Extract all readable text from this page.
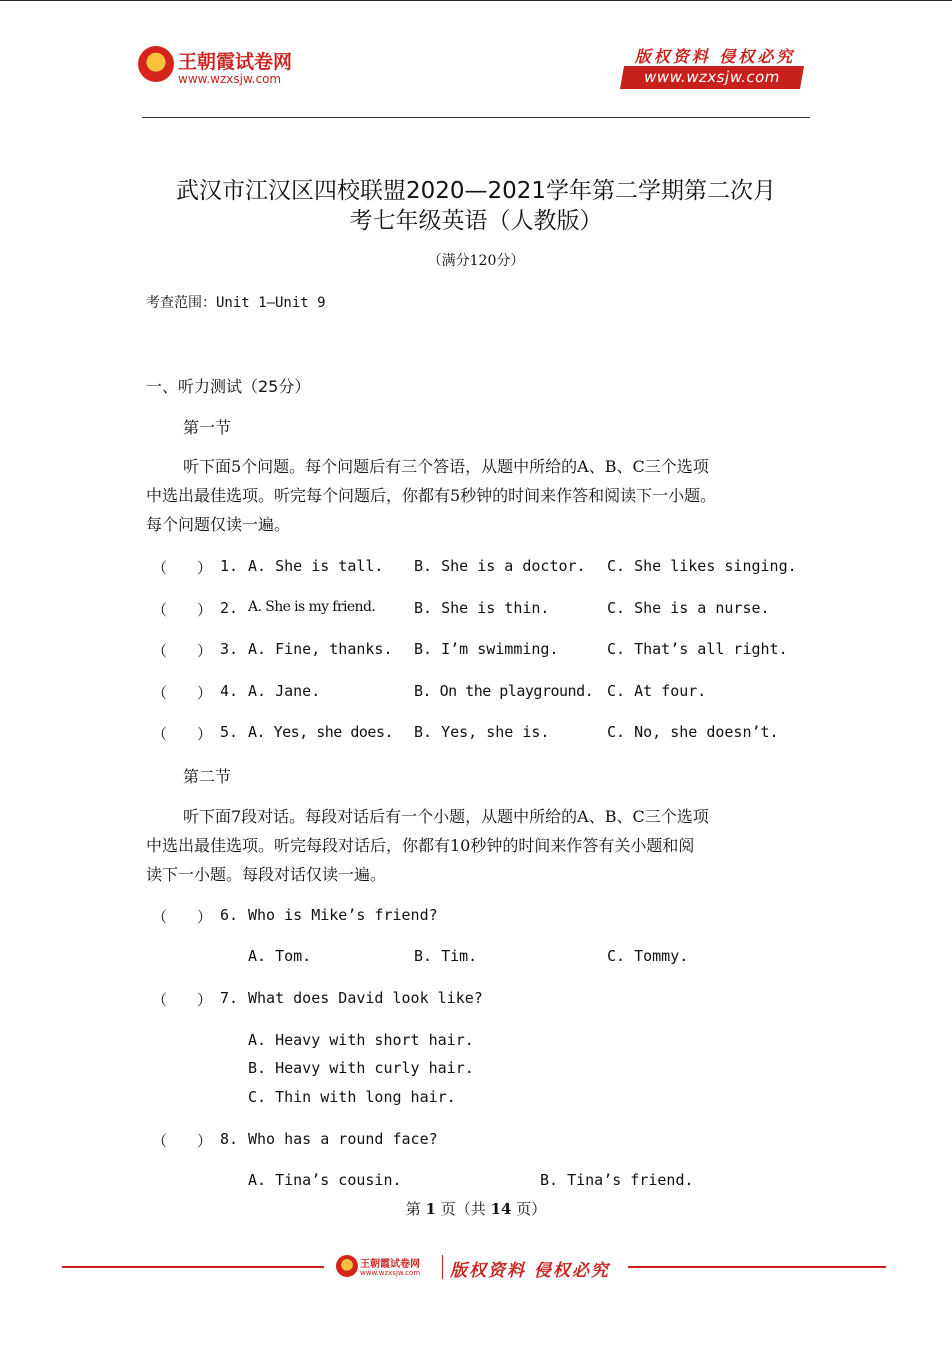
王朝霞试卷网
www.wzxsjw.com
版权资料 侵权必究
www.wzxsjw.com
武汉市江汉区四校联盟2020—2021学年第二学期第二次月
考七年级英语（人教版）
（满分120分）
考查范围：Unit 1—Unit 9
一、听力测试（25分）
第一节

听下面5个问题。每个问题后有三个答语，从题中所给的A、B、C三个选项

中选出最佳选项。听完每个问题后，你都有5秒钟的时间来作答和阅读下一小题。

每个问题仅读一遍。

（　　） 1. A. She is tall. B. She is a doctor. C. She likes singing.
（　　） 2. A. She is my friend.	B. She is thin.	C. She is a nurse.
（　　） 3. A. Fine, thanks. B. I’m swimming.	C. That’s all right.
（　　） 4. A. Jane.	B. On the playground. C. At four.
（　　） 5. A. Yes, she does. B. Yes, she is.	C. No, she doesn’t.
第二节

听下面7段对话。每段对话后有一个小题，从题中所给的A、B、C三个选项

中选出最佳选项。听完每段对话后，你都有10秒钟的时间来作答有关小题和阅

读下一小题。每段对话仅读一遍。

（　　） 6. Who is Mike’s friend?
A. Tom.	B. Tim.	C. Tommy.
（　　） 7. What does David look like?
A. Heavy with short hair.
B. Heavy with curly hair.
C. Thin with long hair.
（　　） 8. Who has a round face?
A. Tina’s cousin.	B. Tina’s friend.
第 1 页（共 14 页）
王朝霞试卷网
www.wzxsjw.com 版权资料 侵权必究
